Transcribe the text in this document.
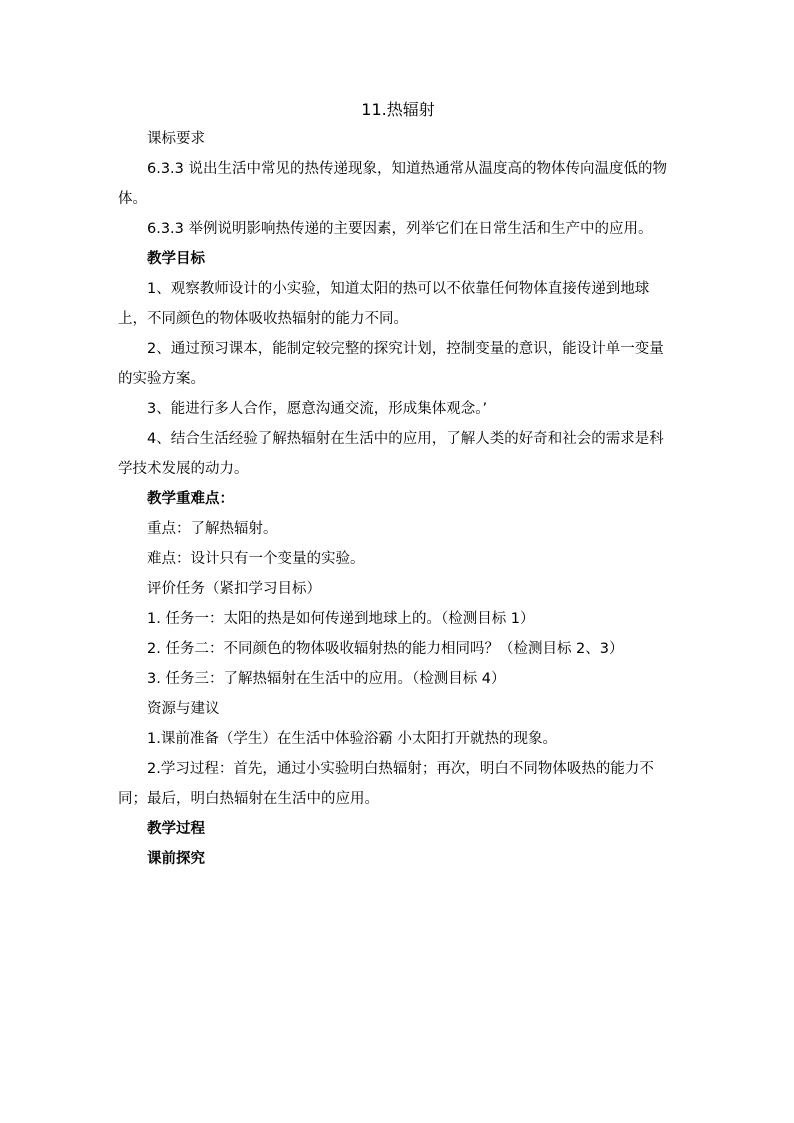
11.热辐射

课标要求

6.3.3 说出生活中常见的热传递现象，知道热通常从温度高的物体传向温度低的物体。

6.3.3 举例说明影响热传递的主要因素，列举它们在日常生活和生产中的应用。

教学目标

1、观察教师设计的小实验，知道太阳的热可以不依靠任何物体直接传递到地球上，不同颜色的物体吸收热辐射的能力不同。

2、通过预习课本，能制定较完整的探究计划，控制变量的意识，能设计单一变量的实验方案。

3、能进行多人合作，愿意沟通交流，形成集体观念。’

4、结合生活经验了解热辐射在生活中的应用，了解人类的好奇和社会的需求是科学技术发展的动力。

教学重难点：

重点：了解热辐射。

难点：设计只有一个变量的实验。

评价任务（紧扣学习目标）

1. 任务一：太阳的热是如何传递到地球上的。（检测目标 1）

2. 任务二：不同颜色的物体吸收辐射热的能力相同吗？（检测目标 2、3）

3. 任务三：了解热辐射在生活中的应用。（检测目标 4）

资源与建议

1.课前准备（学生）在生活中体验浴霸 小太阳打开就热的现象。

2.学习过程：首先，通过小实验明白热辐射；再次，明白不同物体吸热的能力不同；最后，明白热辐射在生活中的应用。

教学过程

课前探究
